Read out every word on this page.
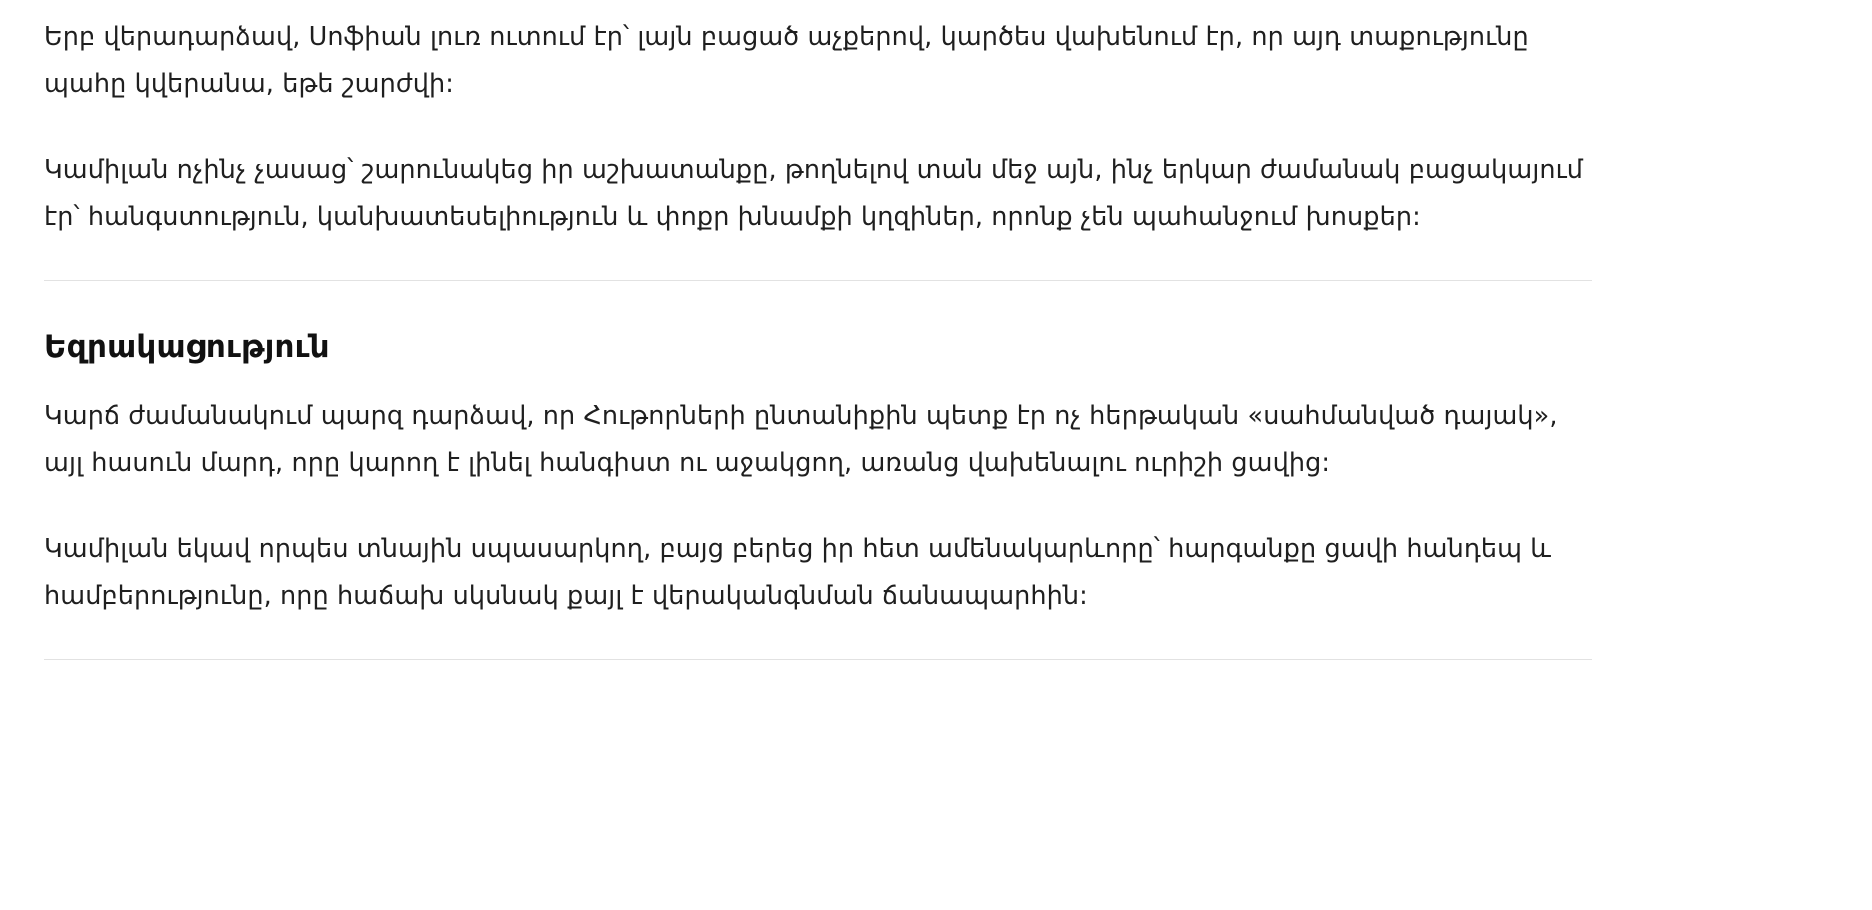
Երբ վերադարձավ, Սոֆիան լուռ ուտում էր՝ լայն բացած աչքերով, կարծես վախենում էր, որ այդ տաքությունը պահը կվերանա, եթե շարժվի:

Կամիլան ոչինչ չասաց՝ շարունակեց իր աշխատանքը, թողնելով տան մեջ այն, ինչ երկար ժամանակ բացակայում էր՝ հանգստություն, կանխատեսելիություն և փոքր խնամքի կղզիներ, որոնք չեն պահանջում խոսքեր:

Եզրակացություն

Կարճ ժամանակում պարզ դարձավ, որ Հութորների ընտանիքին պետք էր ոչ հերթական «սահմանված դայակ», այլ հասուն մարդ, որը կարող է լինել հանգիստ ու աջակցող, առանց վախենալու ուրիշի ցավից:

Կամիլան եկավ որպես տնային սպասարկող, բայց բերեց իր հետ ամենակարևորը՝ հարգանքը ցավի հանդեպ և համբերությունը, որը հաճախ սկսնակ քայլ է վերականգնման ճանապարհին:
